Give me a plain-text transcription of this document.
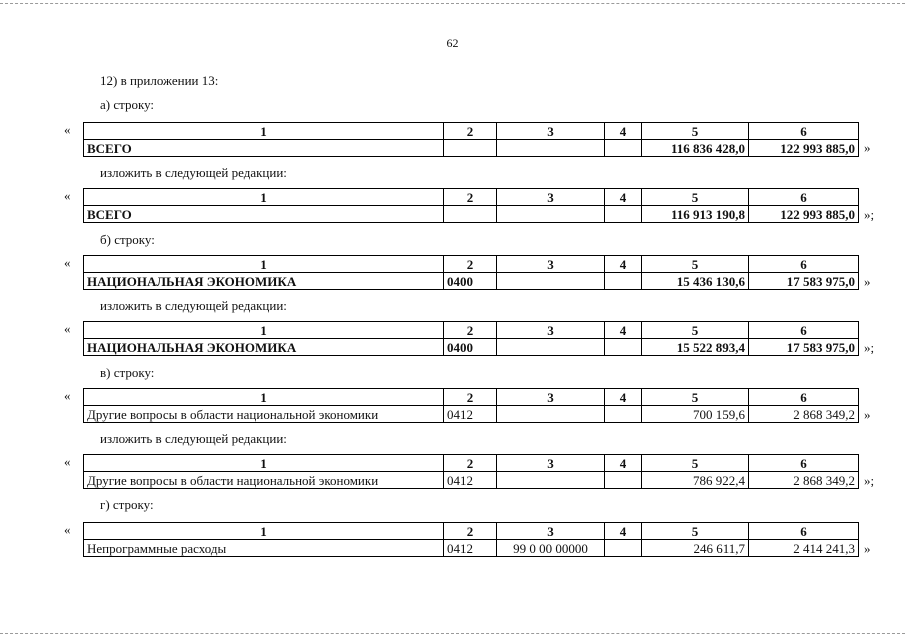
62
12) в приложении 13:
а) строку:
«	1	2	3	4	5	6
ВСЕГО				116 836 428,0	122 993 885,0 »
изложить в следующей редакции:
«	1	2	3	4	5	6
ВСЕГО				116 913 190,8	122 993 885,0 »;
б) строку:
«	1	2	3	4	5	6
НАЦИОНАЛЬНАЯ ЭКОНОМИКА	0400			15 436 130,6	17 583 975,0 »
изложить в следующей редакции:
«	1	2	3	4	5	6
НАЦИОНАЛЬНАЯ ЭКОНОМИКА	0400			15 522 893,4	17 583 975,0 »;
в) строку:
«	1	2	3	4	5	6
Другие вопросы в области национальной экономики	0412			700 159,6	2 868 349,2 »
изложить в следующей редакции:
«	1	2	3	4	5	6
Другие вопросы в области национальной экономики	0412			786 922,4	2 868 349,2 »;
г) строку:
«	1	2	3	4	5	6
Непрограммные расходы	0412	99 0 00 00000		246 611,7	2 414 241,3 »
